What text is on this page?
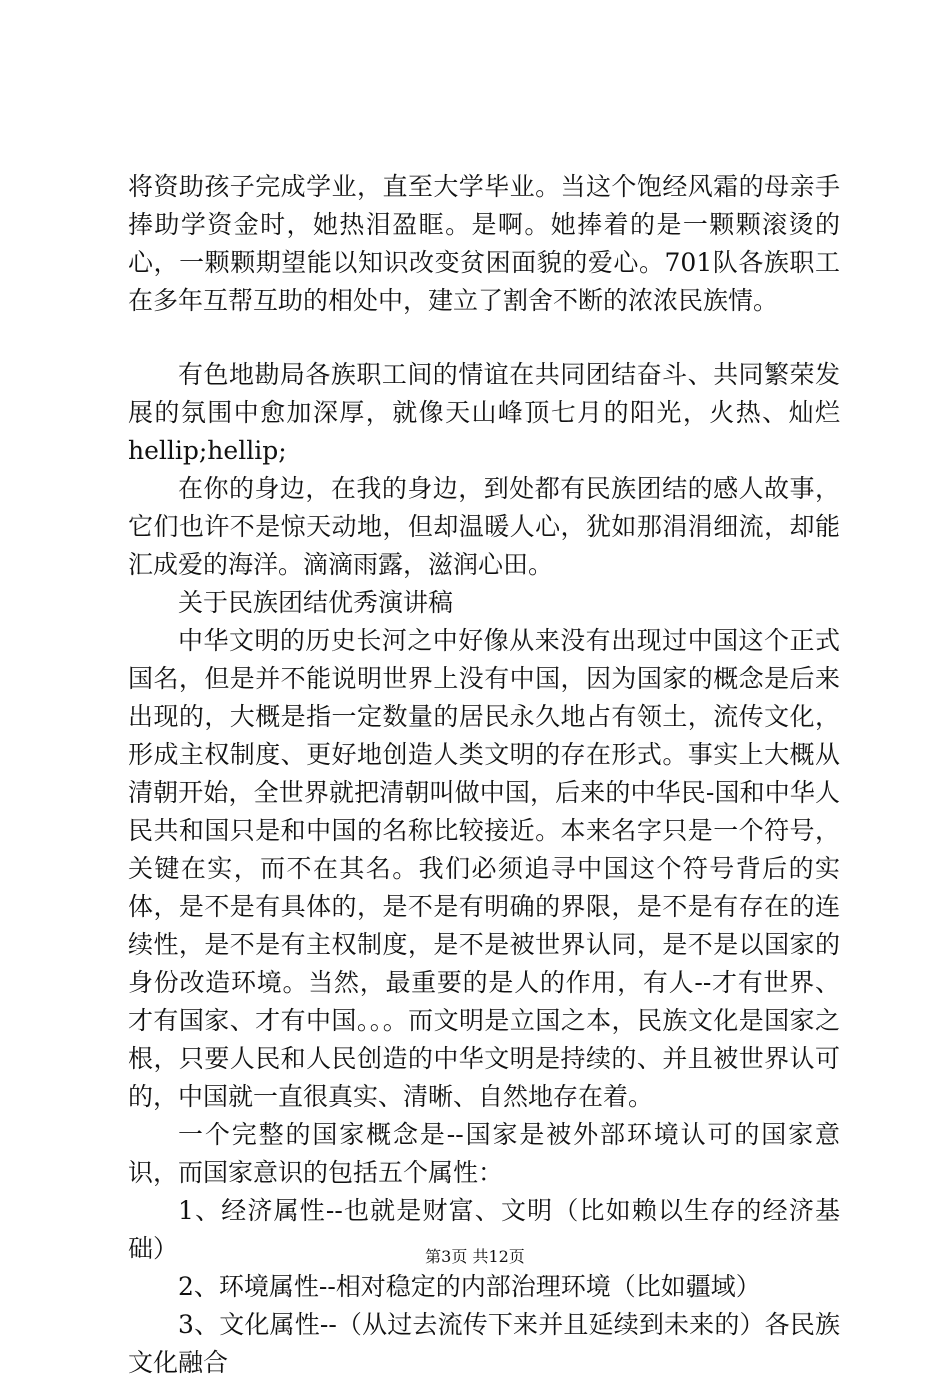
将资助孩子完成学业，直至大学毕业。当这个饱经风霜的母亲手捧助学资金时，她热泪盈眶。是啊。她捧着的是一颗颗滚烫的心，一颗颗期望能以知识改变贫困面貌的爱心。701队各族职工在多年互帮互助的相处中，建立了割舍不断的浓浓民族情。

有色地勘局各族职工间的情谊在共同团结奋斗、共同繁荣发展的氛围中愈加深厚，就像天山峰顶七月的阳光，火热、灿烂hellip;hellip;

在你的身边，在我的身边，到处都有民族团结的感人故事，它们也许不是惊天动地，但却温暖人心，犹如那涓涓细流，却能汇成爱的海洋。滴滴雨露，滋润心田。

关于民族团结优秀演讲稿

中华文明的历史长河之中好像从来没有出现过中国这个正式国名，但是并不能说明世界上没有中国，因为国家的概念是后来出现的，大概是指一定数量的居民永久地占有领土，流传文化，形成主权制度、更好地创造人类文明的存在形式。事实上大概从清朝开始，全世界就把清朝叫做中国，后来的中华民-国和中华人民共和国只是和中国的名称比较接近。本来名字只是一个符号，关键在实，而不在其名。我们必须追寻中国这个符号背后的实体，是不是有具体的，是不是有明确的界限，是不是有存在的连续性，是不是有主权制度，是不是被世界认同，是不是以国家的身份改造环境。当然，最重要的是人的作用，有人--才有世界、才有国家、才有中国。。。而文明是立国之本，民族文化是国家之根，只要人民和人民创造的中华文明是持续的、并且被世界认可的，中国就一直很真实、清晰、自然地存在着。

一个完整的国家概念是--国家是被外部环境认可的国家意识，而国家意识的包括五个属性：

1、经济属性--也就是财富、文明（比如赖以生存的经济基础）

2、环境属性--相对稳定的内部治理环境（比如疆域）

3、文化属性--（从过去流传下来并且延续到未来的）各民族文化融合

第3页 共12页
